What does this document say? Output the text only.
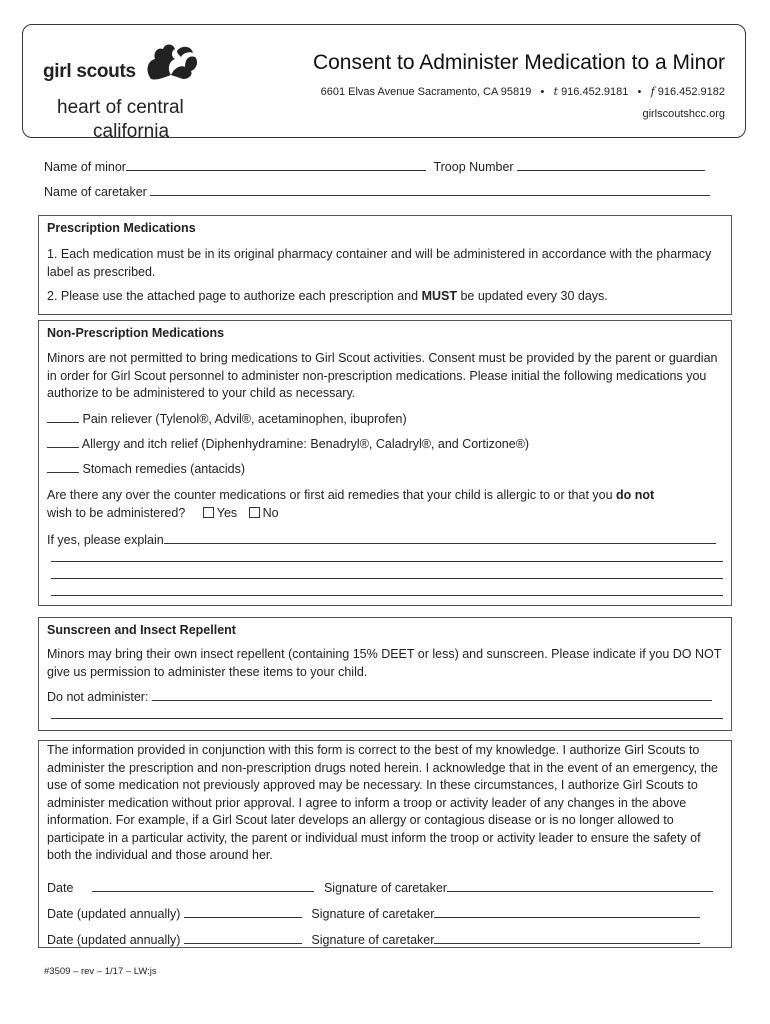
girl scouts
heart of central
california
Consent to Administer Medication to a Minor
6601 Elvas Avenue Sacramento, CA 95819   •   t 916.452.9181   •   f 916.452.9182
girlscoutshcc.org
Name of minor	Troop Number
Name of caretaker
Prescription Medications
1. Each medication must be in its original pharmacy container and will be administered in accordance with the pharmacy label as prescribed.
2. Please use the attached page to authorize each prescription and MUST be updated every 30 days.
Non-Prescription Medications
Minors are not permitted to bring medications to Girl Scout activities. Consent must be provided by the parent or guardian in order for Girl Scout personnel to administer non-prescription medications. Please initial the following medications you authorize to be administered to your child as necessary.
Pain reliever (Tylenol®, Advil®, acetaminophen, ibuprofen)
Allergy and itch relief (Diphenhydramine: Benadryl®, Caladryl®, and Cortizone®)
Stomach remedies (antacids)
Are there any over the counter medications or first aid remedies that your child is allergic to or that you do not
wish to be administered?	Yes No
If yes, please explain
Sunscreen and Insect Repellent
Minors may bring their own insect repellent (containing 15% DEET or less) and sunscreen. Please indicate if you DO NOT give us permission to administer these items to your child.
Do not administer:
The information provided in conjunction with this form is correct to the best of my knowledge. I authorize Girl Scouts to administer the prescription and non-prescription drugs noted herein. I acknowledge that in the event of an emergency, the use of some medication not previously approved may be necessary. In these circumstances, I authorize Girl Scouts to administer medication without prior approval. I agree to inform a troop or activity leader of any changes in the above information. For example, if a Girl Scout later develops an allergy or contagious disease or is no longer allowed to participate in a particular activity, the parent or individual must inform the troop or activity leader to ensure the safety of both the individual and those around her.
Date	Signature of caretaker
Date (updated annually)	Signature of caretaker
Date (updated annually)	Signature of caretaker
#3509 – rev – 1/17 – LW:js
